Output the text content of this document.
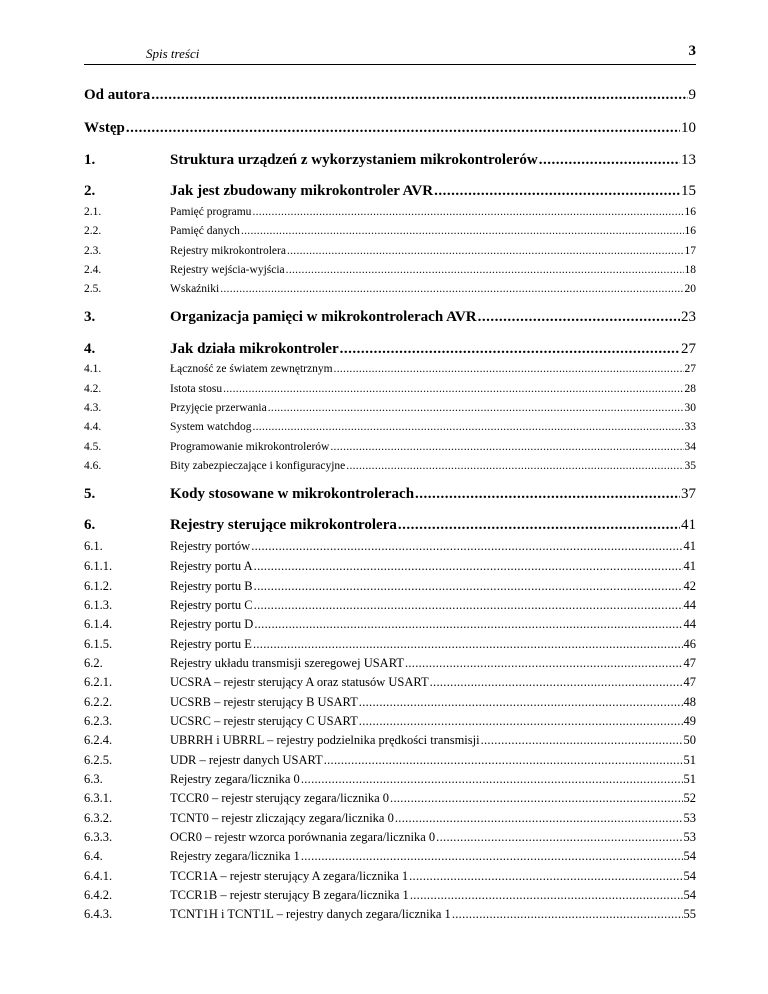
Spis treści	3
Od autora .....	9
Wstęp .....	10
1.	Struktura urządzeń z wykorzystaniem mikrokontrolerów .....	13
2.	Jak jest zbudowany mikrokontroler AVR .....	15
2.1.	Pamięć programu .....	16
2.2.	Pamięć danych .....	16
2.3.	Rejestry mikrokontrolera .....	17
2.4.	Rejestry wejścia-wyjścia .....	18
2.5.	Wskaźniki .....	20
3.	Organizacja pamięci w mikrokontrolerach AVR .....	23
4.	Jak działa mikrokontroler .....	27
4.1.	Łączność ze światem zewnętrznym .....	27
4.2.	Istota stosu .....	28
4.3.	Przyjęcie przerwania .....	30
4.4.	System watchdog .....	33
4.5.	Programowanie mikrokontrolerów .....	34
4.6.	Bity zabezpieczające i konfiguracyjne .....	35
5.	Kody stosowane w mikrokontrolerach .....	37
6.	Rejestry sterujące mikrokontrolera .....	41
6.1.	Rejestry portów .....	41
6.1.1.	Rejestry portu A .....	41
6.1.2.	Rejestry portu B .....	42
6.1.3.	Rejestry portu C .....	44
6.1.4.	Rejestry portu D .....	44
6.1.5.	Rejestry portu E .....	46
6.2.	Rejestry układu transmisji szeregowej USART .....	47
6.2.1.	UCSRA – rejestr sterujący A oraz statusów USART .....	47
6.2.2.	UCSRB – rejestr sterujący B USART .....	48
6.2.3.	UCSRC – rejestr sterujący C USART .....	49
6.2.4.	UBRRH i UBRRL – rejestry podzielnika prędkości transmisji .....	50
6.2.5.	UDR – rejestr danych USART .....	51
6.3.	Rejestry zegara/licznika 0 .....	51
6.3.1.	TCCR0 – rejestr sterujący zegara/licznika 0 .....	52
6.3.2.	TCNT0 – rejestr zliczający zegara/licznika 0 .....	53
6.3.3.	OCR0 – rejestr wzorca porównania zegara/licznika 0 .....	53
6.4.	Rejestry zegara/licznika 1 .....	54
6.4.1.	TCCR1A – rejestr sterujący A zegara/licznika 1 .....	54
6.4.2.	TCCR1B – rejestr sterujący B zegara/licznika 1 .....	54
6.4.3.	TCNT1H i TCNT1L – rejestry danych zegara/licznika 1 .....	55
